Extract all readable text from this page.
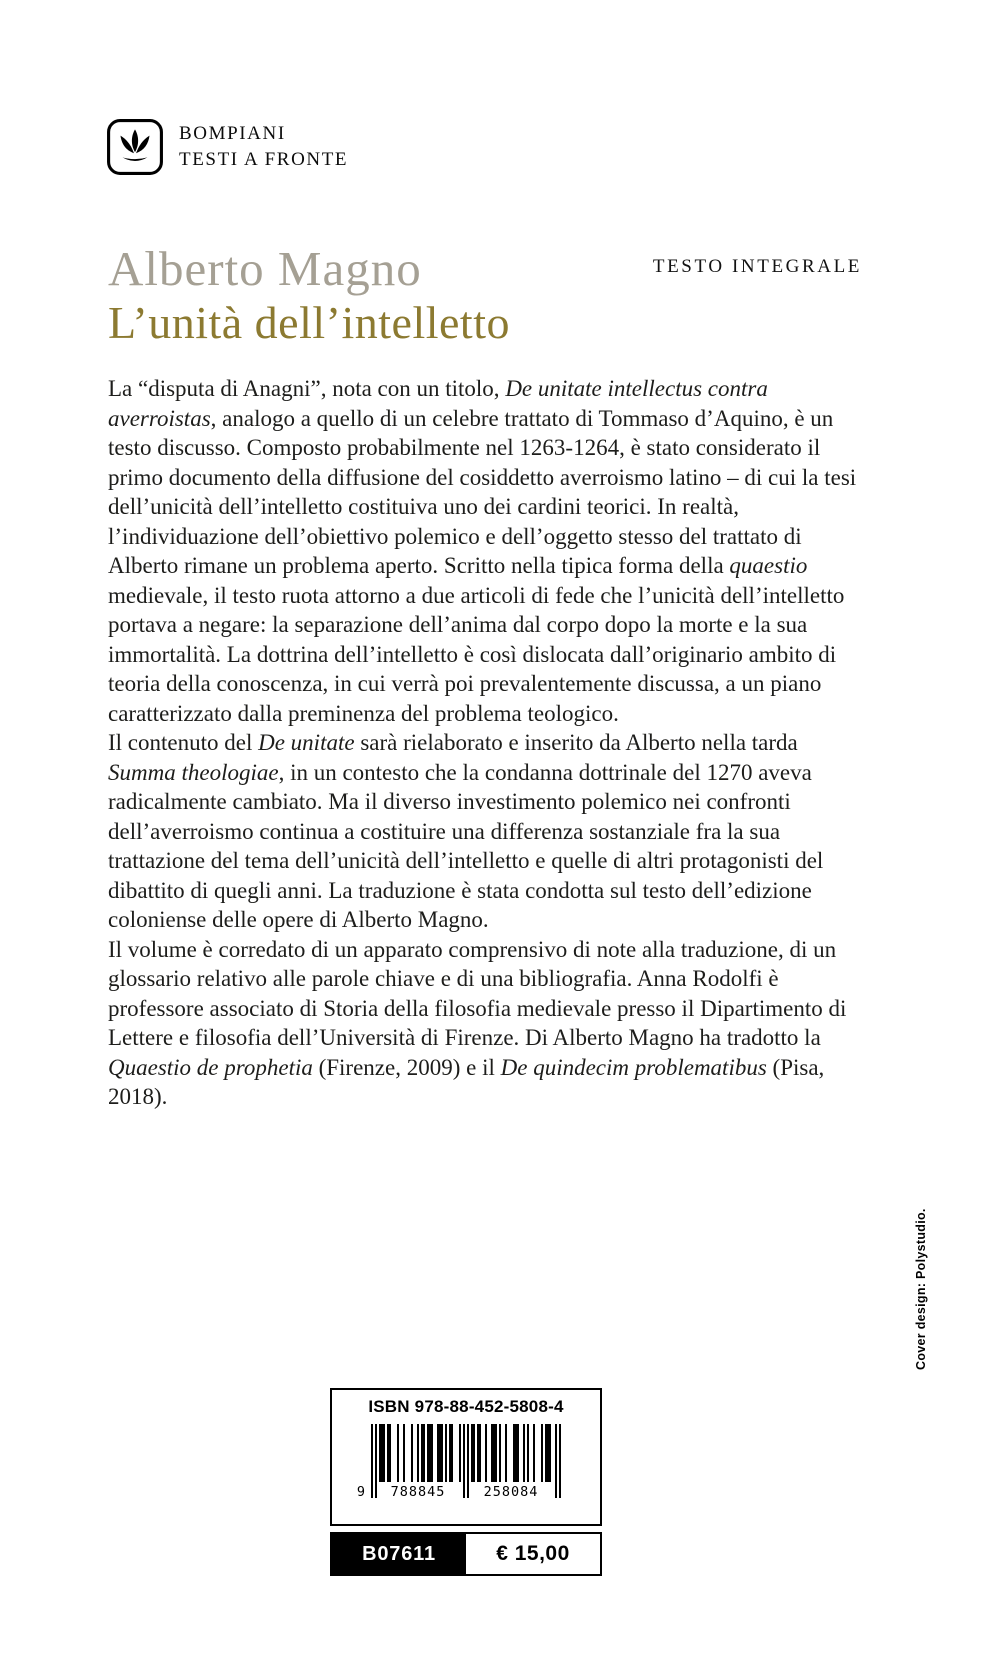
BOMPIANI
TESTI A FRONTE
Alberto Magno	TESTO INTEGRALE
L’unità dell’intelletto

La “disputa di Anagni”, nota con un titolo, De unitate intellectus contra averroistas, analogo a quello di un celebre trattato di Tommaso d’Aquino, è un testo discusso. Composto probabilmente nel 1263-1264, è stato considerato il primo documento della diffusione del cosiddetto averroismo latino – di cui la tesi dell’unicità dell’intelletto costituiva uno dei cardini teorici. In realtà, l’individuazione dell’obiettivo polemico e dell’oggetto stesso del trattato di Alberto rimane un problema aperto. Scritto nella tipica forma della quaestio medievale, il testo ruota attorno a due articoli di fede che l’unicità dell’intelletto portava a negare: la separazione dell’anima dal corpo dopo la morte e la sua immortalità. La dottrina dell’intelletto è così dislocata dall’originario ambito di teoria della conoscenza, in cui verrà poi prevalentemente discussa, a un piano caratterizzato dalla preminenza del problema teologico.

Il contenuto del De unitate sarà rielaborato e inserito da Alberto nella tarda Summa theologiae, in un contesto che la condanna dottrinale del 1270 aveva radicalmente cambiato. Ma il diverso investimento polemico nei confronti dell’averroismo continua a costituire una differenza sostanziale fra la sua trattazione del tema dell’unicità dell’intelletto e quelle di altri protagonisti del dibattito di quegli anni. La traduzione è stata condotta sul testo dell’edizione coloniense delle opere di Alberto Magno.

Il volume è corredato di un apparato comprensivo di note alla traduzione, di un glossario relativo alle parole chiave e di una bibliografia. Anna Rodolfi è professore associato di Storia della filosofia medievale presso il Dipartimento di Lettere e filosofia dell’Università di Firenze. Di Alberto Magno ha tradotto la Quaestio de prophetia (Firenze, 2009) e il De quindecim problematibus (Pisa, 2018).

Cover design: Polystudio.
ISBN 978-88-452-5808-4
9	788845	258084
B07611	€ 15,00
